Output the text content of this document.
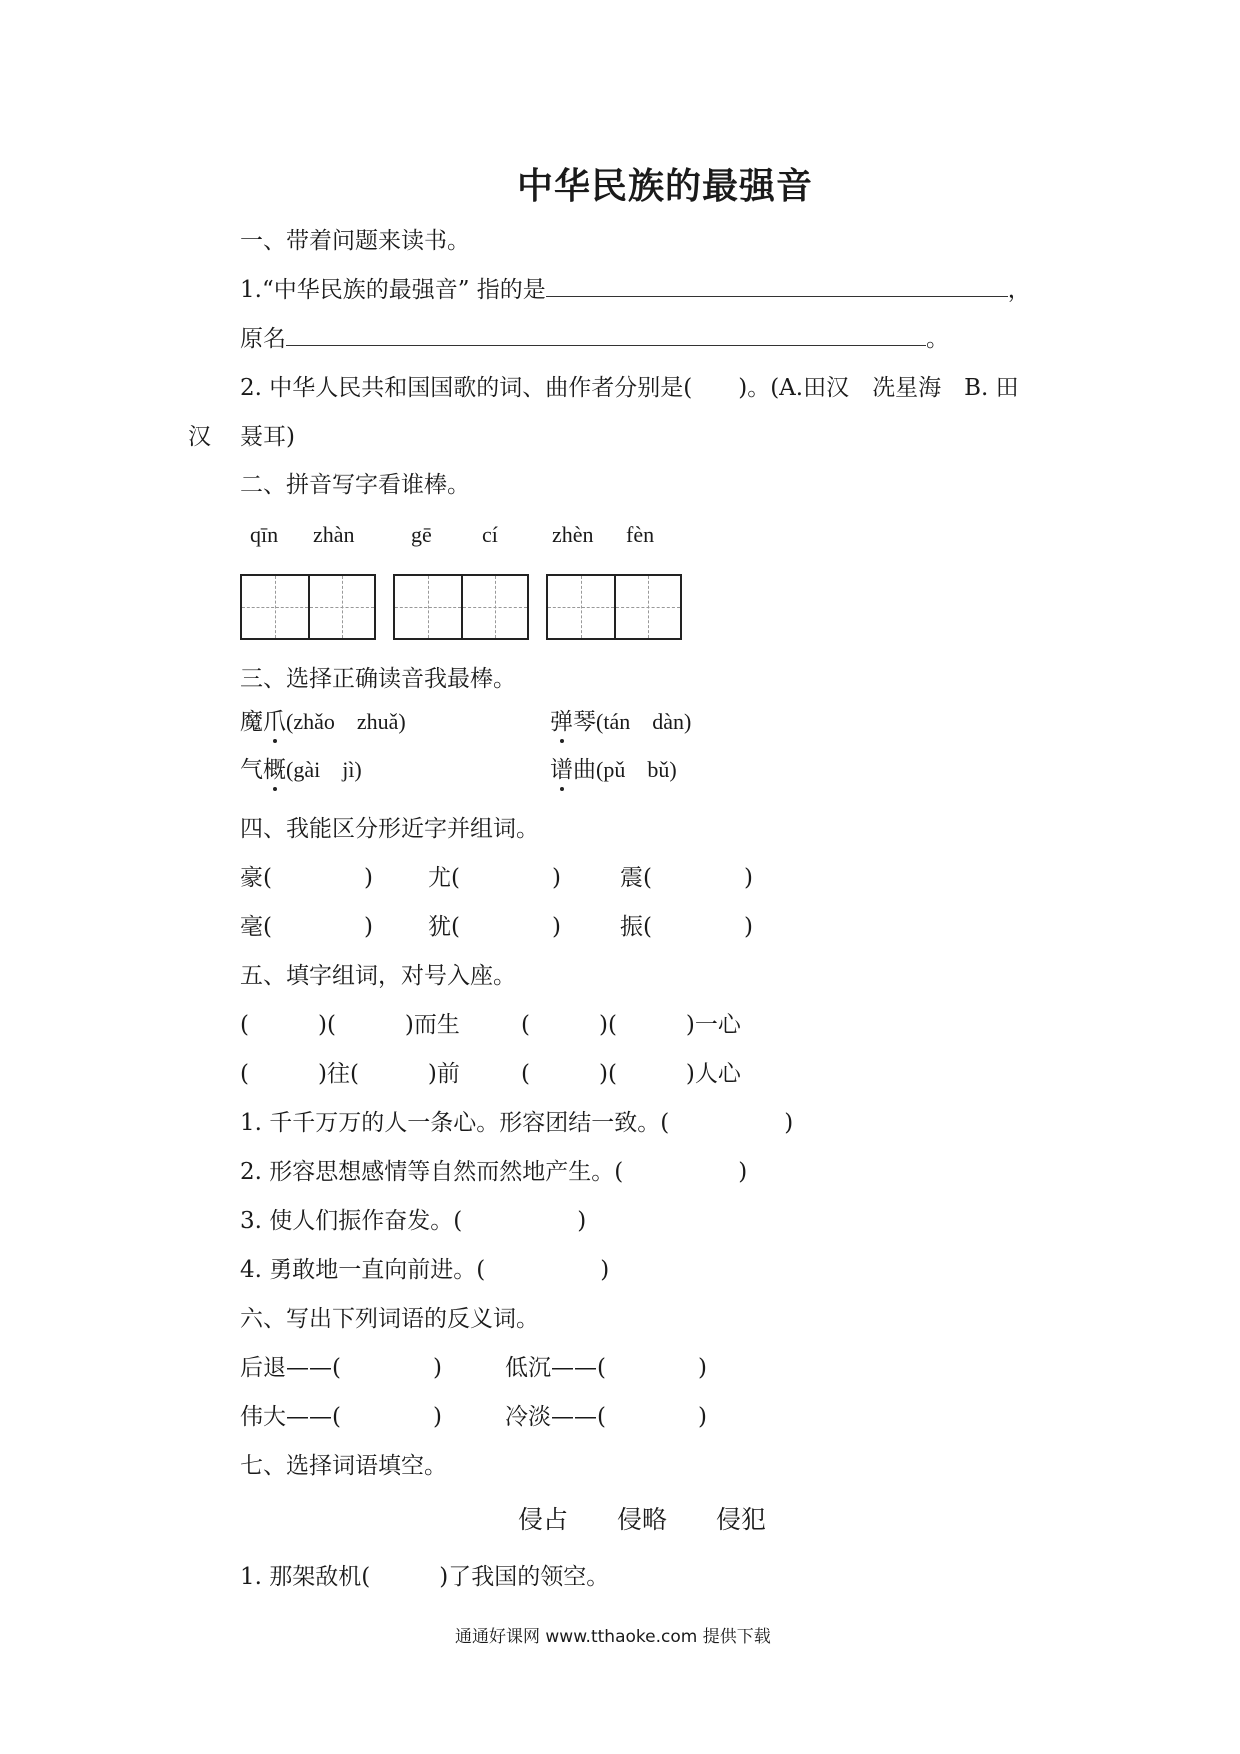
中华民族的最强音
一、带着问题来读书。
1.“中华民族的最强音” 指的是	，
原名	。
2. 中华人民共和国国歌的词、曲作者分别是(　　)。(A.田汉　冼星海　B. 田
汉 聂耳)
二、拼音写字看谁棒。
qīn zhàn	gē cí zhèn fèn
三、选择正确读音我最棒。
魔爪(zhǎo　zhuǎ)	弹琴(tán　dàn)
气概(gài　jì)	谱曲(pǔ　bǔ)
四、我能区分形近字并组词。
豪(　　　　) 尤(　　　　)	震(　　　　)
毫(　　　　) 犹(　　　　)	振(　　　　)
五、填字组词，对号入座。
(　　　)(　　　)而生	(　　　)(　　　)一心
(　　　)往(　　　)前	(　　　)(　　　)人心
1. 千千万万的人一条心。形容团结一致。(　　　　　)
2. 形容思想感情等自然而然地产生。(　　　　　)
3. 使人们振作奋发。(　　　　　)
4. 勇敢地一直向前进。(　　　　　)
六、写出下列词语的反义词。
后退——(　　　　)	低沉——(　　　　)
伟大——(　　　　)	冷淡——(　　　　)
七、选择词语填空。
侵占 侵略 侵犯
1. 那架敌机(　　　)了我国的领空。
通通好课网 www.tthaoke.com 提供下载
